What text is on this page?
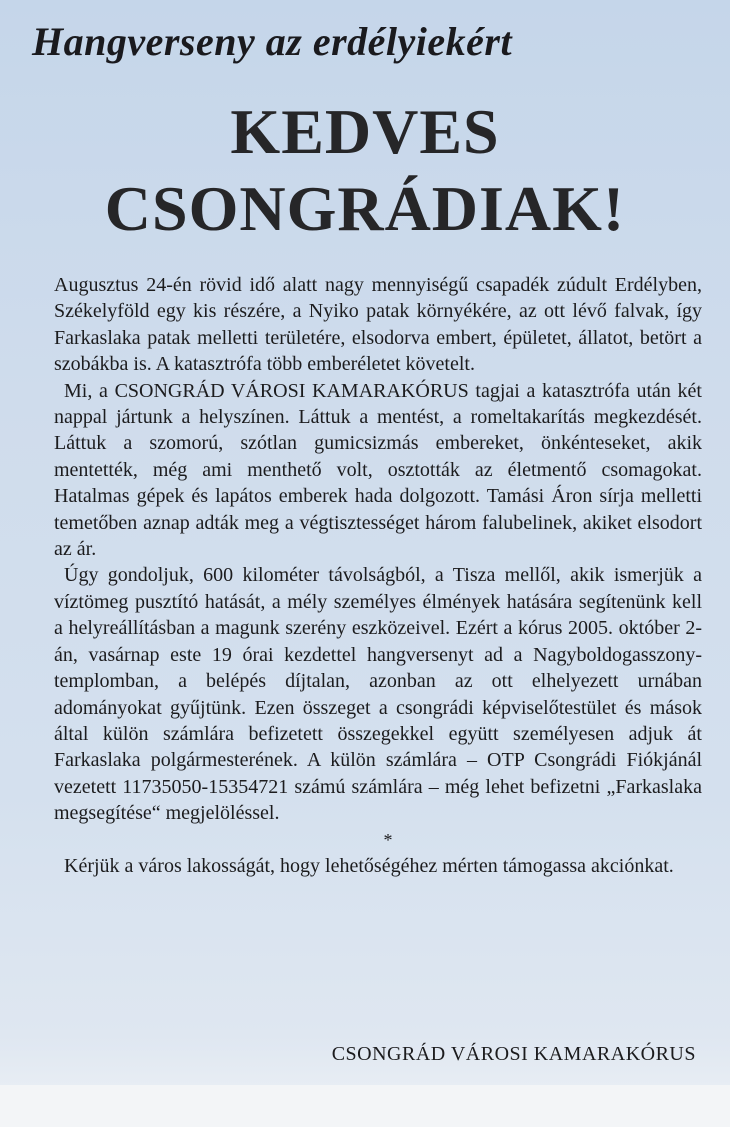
Hangverseny az erdélyiekért
KEDVES
CSONGRÁDIAK!

Augusztus 24-én rövid idő alatt nagy mennyiségű csapadék zúdult Erdélyben, Székelyföld egy kis részére, a Nyiko patak környékére, az ott lévő falvak, így Farkaslaka patak melletti területére, elsodorva embert, épületet, állatot, betört a szobákba is. A katasztrófa több emberéletet követelt.

Mi, a CSONGRÁD VÁROSI KAMARAKÓRUS tagjai a katasztrófa után két nappal jártunk a helyszínen. Láttuk a mentést, a romeltakarítás megkezdését. Láttuk a szomorú, szótlan gumicsizmás embereket, önkénteseket, akik mentették, még ami menthető volt, osztották az életmentő csomagokat. Hatalmas gépek és lapátos emberek hada dolgozott. Tamási Áron sírja melletti temetőben aznap adták meg a végtisztességet három falubelinek, akiket elsodort az ár.

Úgy gondoljuk, 600 kilométer távolságból, a Tisza mellől, akik ismerjük a víztömeg pusztító hatását, a mély személyes élmények hatására segítenünk kell a helyreállításban a magunk szerény eszközeivel. Ezért a kórus 2005. október 2-án, vasárnap este 19 órai kezdettel hangversenyt ad a Nagyboldogasszony-templomban, a belépés díjtalan, azonban az ott elhelyezett urnában adományokat gyűjtünk. Ezen összeget a csongrádi képviselőtestület és mások által külön számlára befizetett összegekkel együtt személyesen adjuk át Farkaslaka polgármesterének. A külön számlára – OTP Csongrádi Fiókjánál vezetett 11735050-15354721 számú számlára – még lehet befizetni „Farkaslaka megsegítése“ megjelöléssel.

*

Kérjük a város lakosságát, hogy lehetőségéhez mérten támogassa akciónkat.

CSONGRÁD VÁROSI KAMARAKÓRUS
